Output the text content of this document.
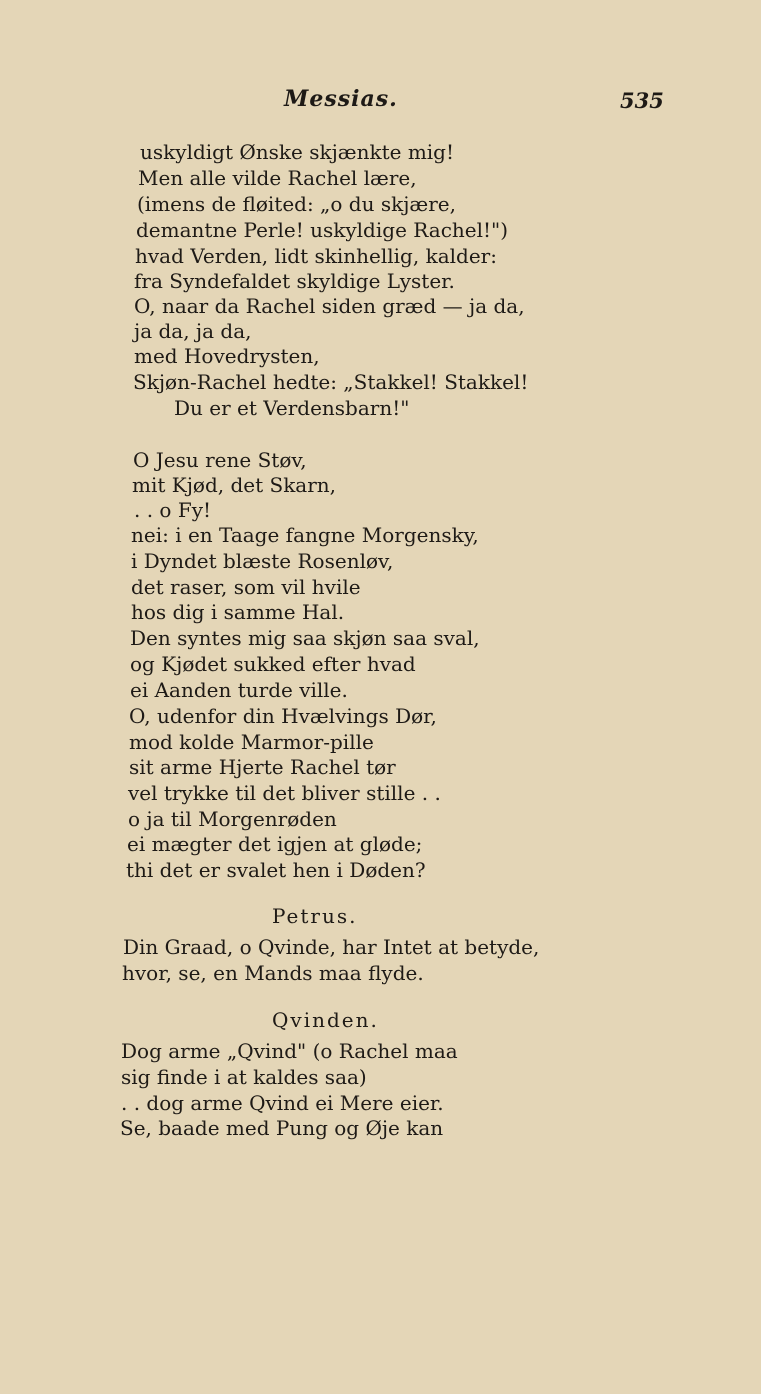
Messias.	535
uskyldigt Ønske skjænkte mig!
Men alle vilde Rachel lære,
(imens de fløited: „o du skjære,
demantne Perle! uskyldige Rachel!")
hvad Verden, lidt skinhellig, kalder:
fra Syndefaldet skyldige Lyster.
O, naar da Rachel siden græd — ja da,
ja da, ja da,
med Hovedrysten,
Skjøn-Rachel hedte: „Stakkel! Stakkel!
Du er et Verdensbarn!"
O Jesu rene Støv,
mit Kjød, det Skarn,
. . o Fy!
nei: i en Taage fangne Morgensky,
i Dyndet blæste Rosenløv,
det raser, som vil hvile
hos dig i samme Hal.
Den syntes mig saa skjøn saa sval,
og Kjødet sukked efter hvad
ei Aanden turde ville.
O, udenfor din Hvælvings Dør,
mod kolde Marmor-pille
sit arme Hjerte Rachel tør
vel trykke til det bliver stille . .
o ja til Morgenrøden
ei mægter det igjen at gløde;
thi det er svalet hen i Døden?
Petrus.
Din Graad, o Qvinde, har Intet at betyde,
hvor, se, en Mands maa flyde.
Qvinden.
Dog arme „Qvind" (o Rachel maa
sig finde i at kaldes saa)
. . dog arme Qvind ei Mere eier.
Se, baade med Pung og Øje kan
